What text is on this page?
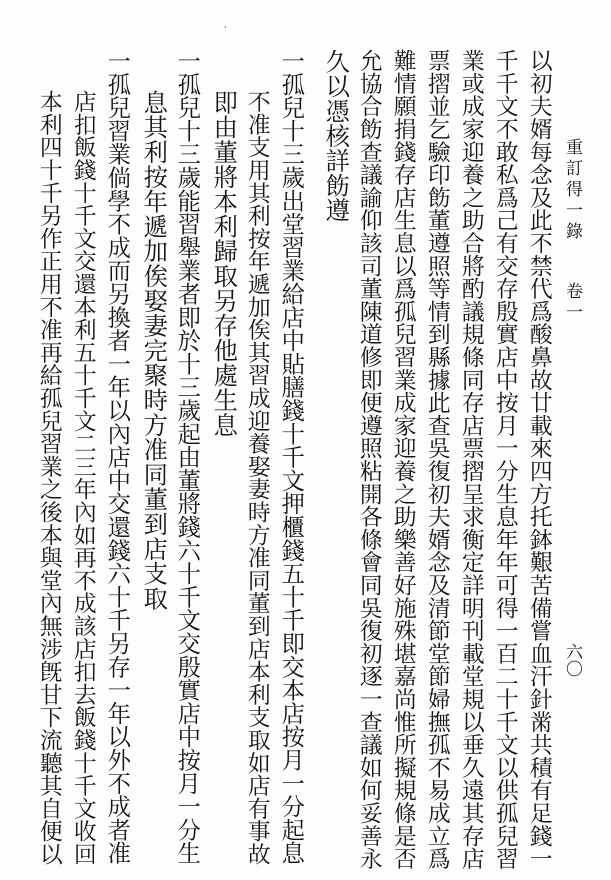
重訂得一錄
卷一
六〇
·
以初夫婿每念及此不禁代爲酸鼻故廿載來四方托鉢艱苦備嘗血汗針黹共積有足錢一
千千文不敢私爲己有交存殷實店中按月一分生息年年可得一百二十千文以供孤兒習
業或成家迎養之助合將酌議規條同存店票摺呈求衡定詳明刊載堂規以垂久遠其存店
票摺並乞驗印飭董遵照等情到縣據此查吳復初夫婿念及清節堂節婦撫孤不易成立爲
難情願捐錢存店生息以爲孤兒習業成家迎養之助樂善好施殊堪嘉尚惟所擬規條是否
允協合飭查議諭仰該司董陳道修即便遵照粘開各條會同吳復初逐一查議如何妥善永
久以憑核詳飭遵
一孤兒十三歲出堂習業給店中貼膳錢十千文押櫃錢五十千即交本店按月一分起息
不准支用其利按年遞加俟其習成迎養娶妻時方准同董到店本利支取如店有事故
即由董將本利歸取另存他處生息
一孤兒十三歲能習舉業者即於十三歲起由董將錢六十千文交殷實店中按月一分生
息其利按年遞加俟娶妻完聚時方准同董到店支取
一孤兒習業倘學不成而另換者一年以內店中交還錢六十千另存一年以外不成者准
店扣飯錢十千文交還本利五十千文二三年內如再不成該店扣去飯錢十千文收回
本利四十千另作正用不准再給孤兒習業之後本與堂內無涉旣甘下流聽其自便以
